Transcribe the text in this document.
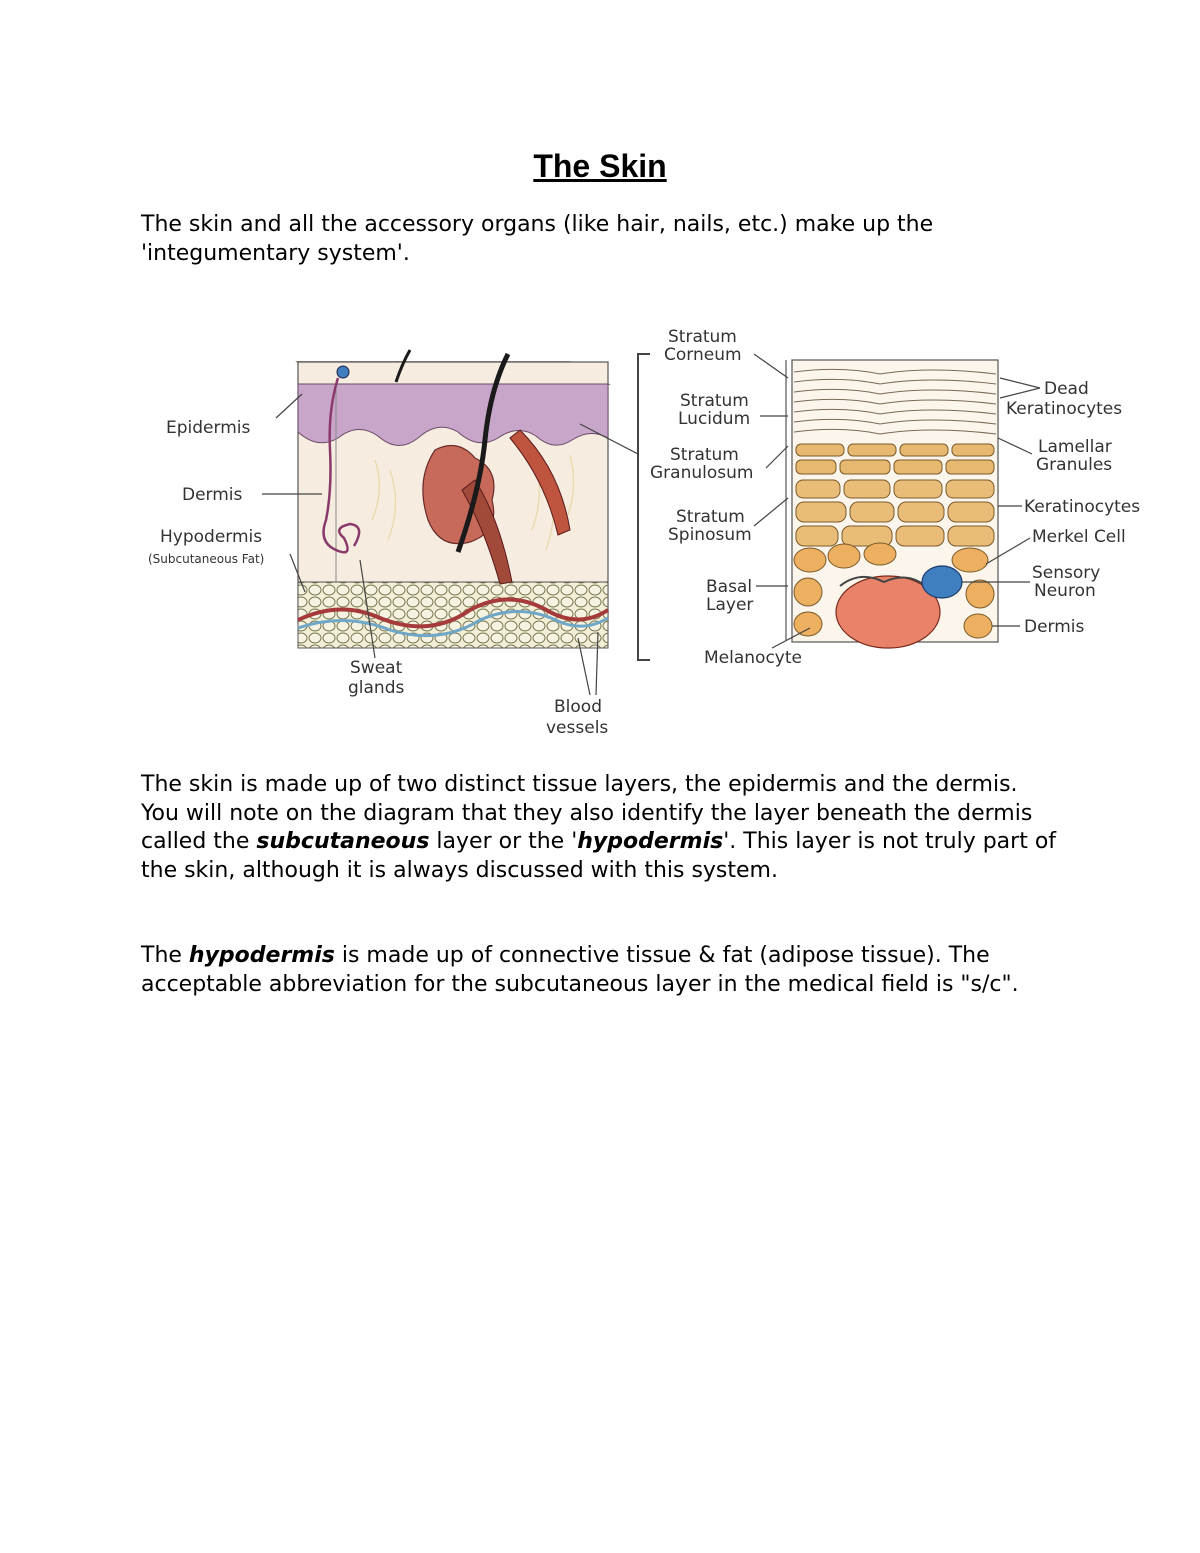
The Skin
The skin and all the accessory organs (like hair, nails, etc.) make up the
'integumentary system'.
Epidermis
Dermis
Hypodermis
(Subcutaneous Fat)
Sweat
glands
Blood
vessels
Stratum
Corneum
Stratum
Lucidum
Stratum
Granulosum
Stratum
Spinosum
Basal
Layer
Melanocyte
Dead
Keratinocytes
Lamellar
Granules
Keratinocytes
Merkel Cell
Sensory
Neuron
Dermis
The skin is made up of two distinct tissue layers, the epidermis and the dermis. You will note on the diagram that they also identify the layer beneath the dermis called the subcutaneous layer or the 'hypodermis'. This layer is not truly part of the skin, although it is always discussed with this system.
The hypodermis is made up of connective tissue & fat (adipose tissue). The acceptable abbreviation for the subcutaneous layer in the medical field is "s/c".
